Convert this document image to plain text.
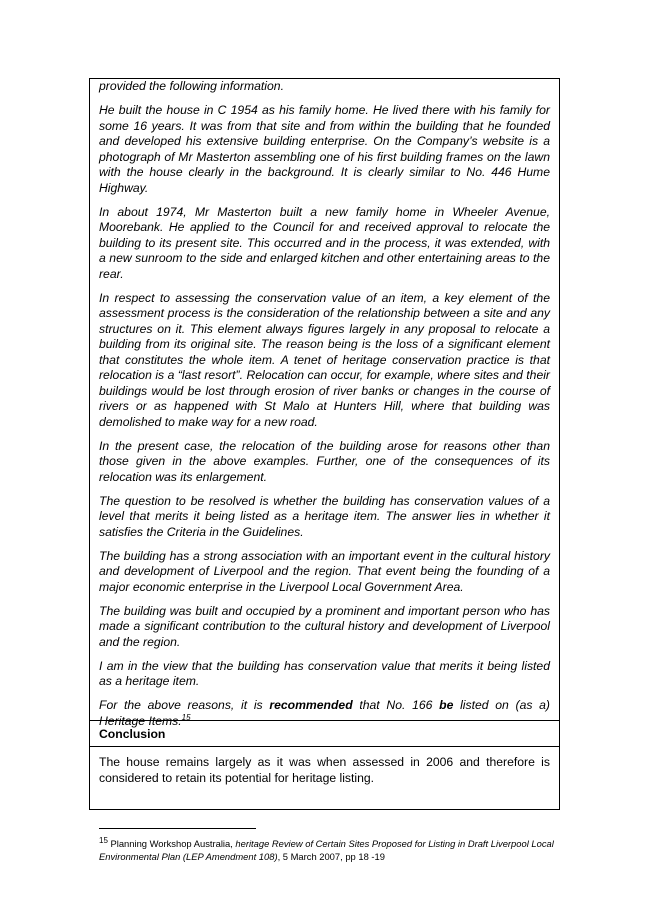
provided the following information.

He built the house in C 1954 as his family home. He lived there with his family for some 16 years. It was from that site and from within the building that he founded and developed his extensive building enterprise. On the Company’s website is a photograph of Mr Masterton assembling one of his first building frames on the lawn with the house clearly in the background. It is clearly similar to No. 446 Hume Highway.

In about 1974, Mr Masterton built a new family home in Wheeler Avenue, Moorebank. He applied to the Council for and received approval to relocate the building to its present site. This occurred and in the process, it was extended, with a new sunroom to the side and enlarged kitchen and other entertaining areas to the rear.

In respect to assessing the conservation value of an item, a key element of the assessment process is the consideration of the relationship between a site and any structures on it. This element always figures largely in any proposal to relocate a building from its original site. The reason being is the loss of a significant element that constitutes the whole item. A tenet of heritage conservation practice is that relocation is a “last resort”. Relocation can occur, for example, where sites and their buildings would be lost through erosion of river banks or changes in the course of rivers or as happened with St Malo at Hunters Hill, where that building was demolished to make way for a new road.

In the present case, the relocation of the building arose for reasons other than those given in the above examples. Further, one of the consequences of its relocation was its enlargement.

The question to be resolved is whether the building has conservation values of a level that merits it being listed as a heritage item. The answer lies in whether it satisfies the Criteria in the Guidelines.

The building has a strong association with an important event in the cultural history and development of Liverpool and the region. That event being the founding of a major economic enterprise in the Liverpool Local Government Area.

The building was built and occupied by a prominent and important person who has made a significant contribution to the cultural history and development of Liverpool and the region.

I am in the view that the building has conservation value that merits it being listed as a heritage item.

For the above reasons, it is recommended that No. 166 be listed on (as a) Heritage Items.$^{15}$

Conclusion
The house remains largely as it was when assessed in 2006 and therefore is considered to retain its potential for heritage listing.
$^{15}$ Planning Workshop Australia, heritage Review of Certain Sites Proposed for Listing in Draft Liverpool Local Environmental Plan (LEP Amendment 108), 5 March 2007, pp 18 -19
